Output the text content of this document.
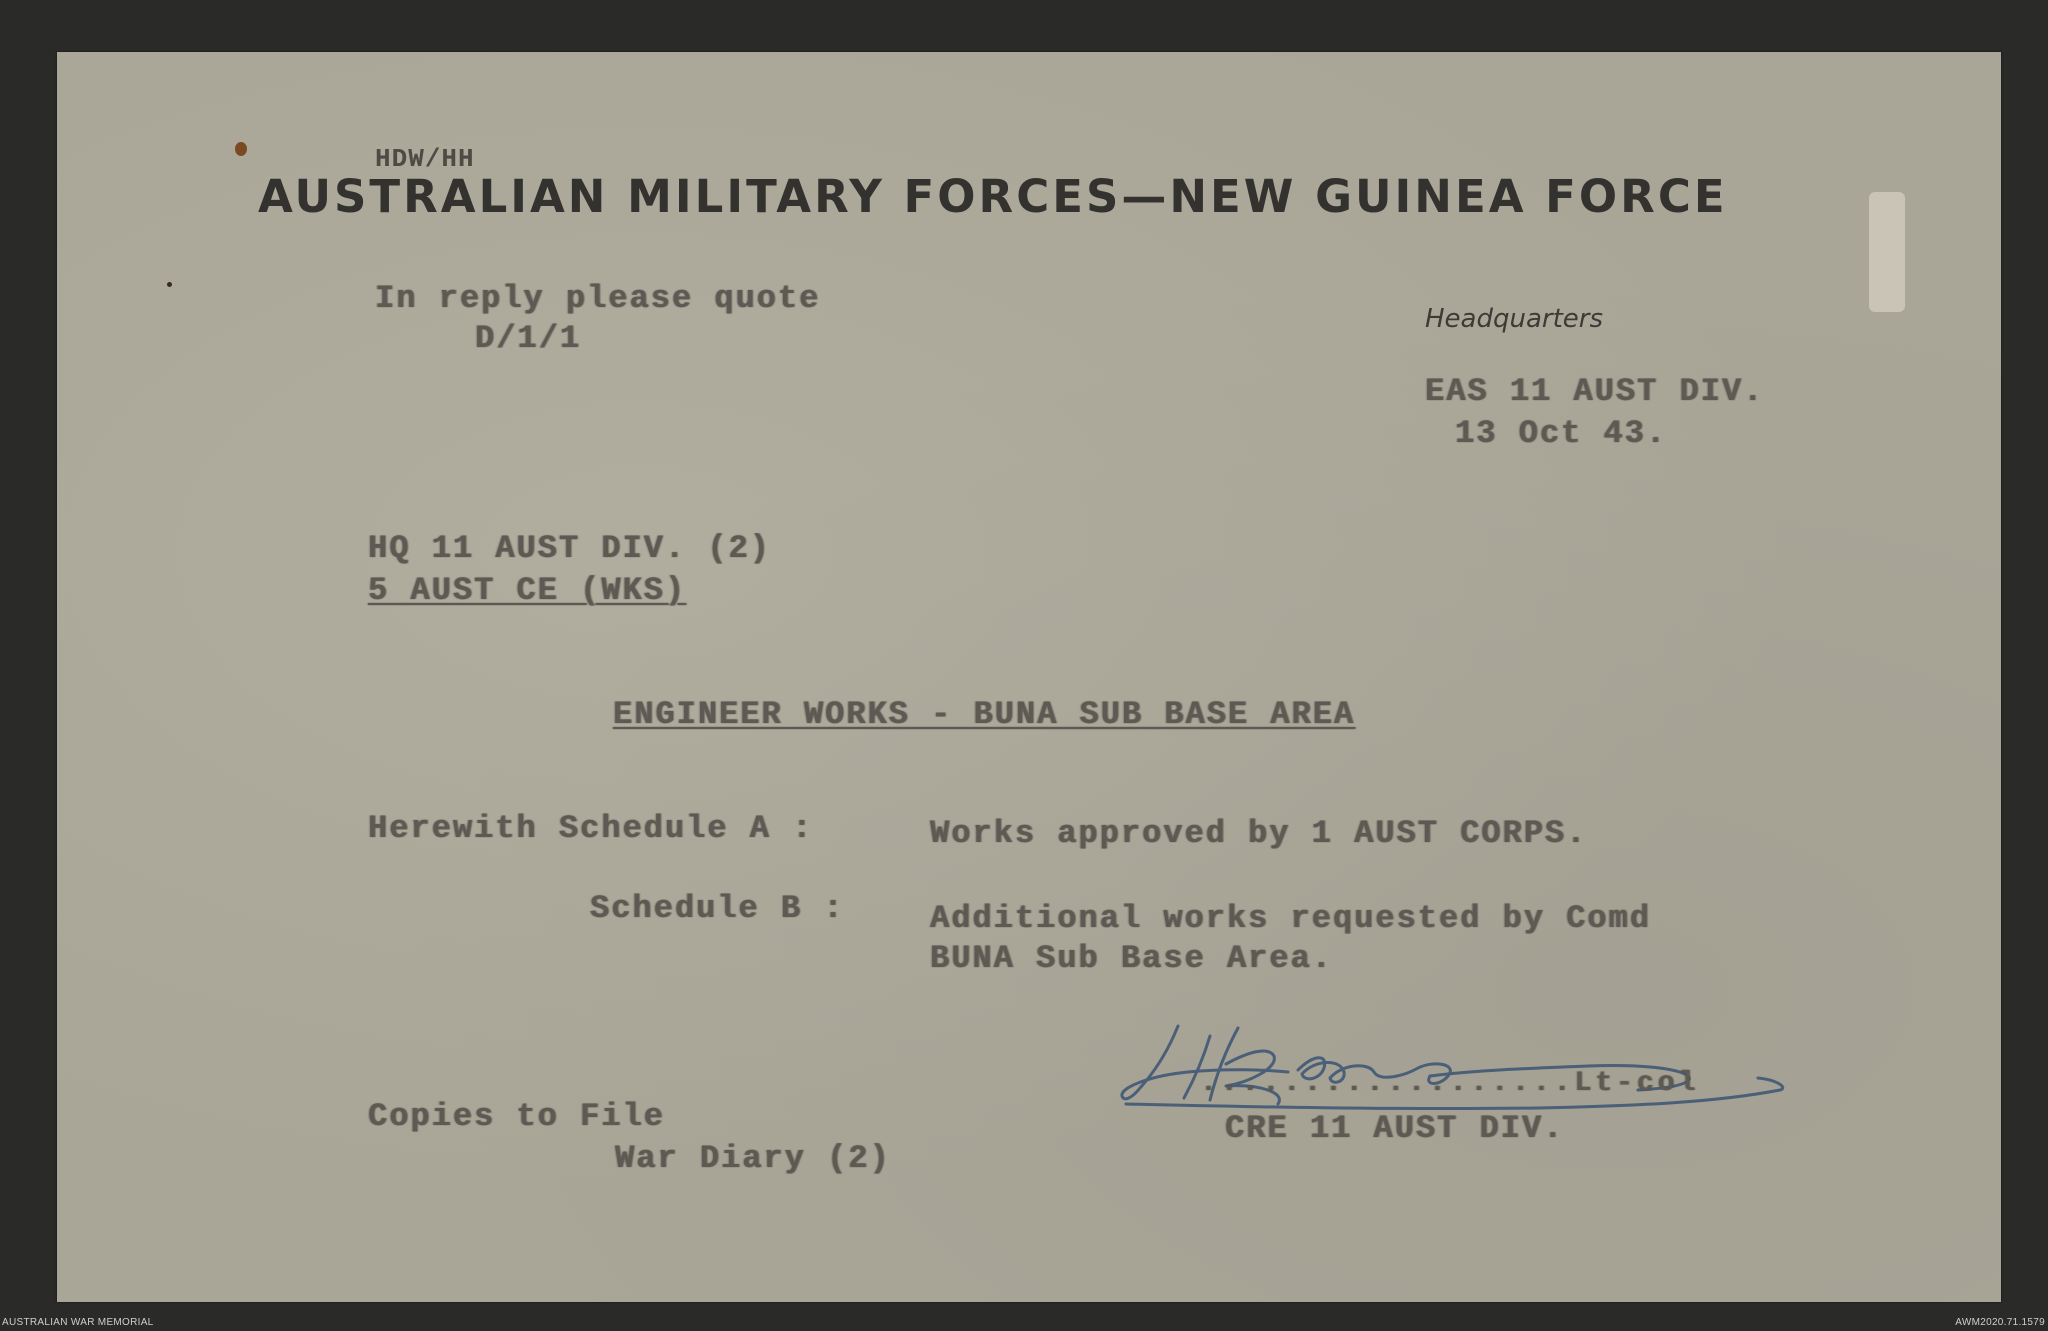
HDW/HH
AUSTRALIAN MILITARY FORCES—NEW GUINEA FORCE
In reply please quote
D/1/1
Headquarters
EAS 11 AUST DIV.
13 Oct 43.
HQ 11 AUST DIV. (2)
5 AUST CE (WKS)
ENGINEER WORKS - BUNA SUB BASE AREA
Herewith Schedule A :	Works approved by 1 AUST CORPS.
Schedule B :	Additional works requested by Comd
BUNA Sub Base Area.
..................Lt-col
CRE 11 AUST DIV.
Copies to File
War Diary (2)
AUSTRALIAN WAR MEMORIAL	AWM2020.71.1579
